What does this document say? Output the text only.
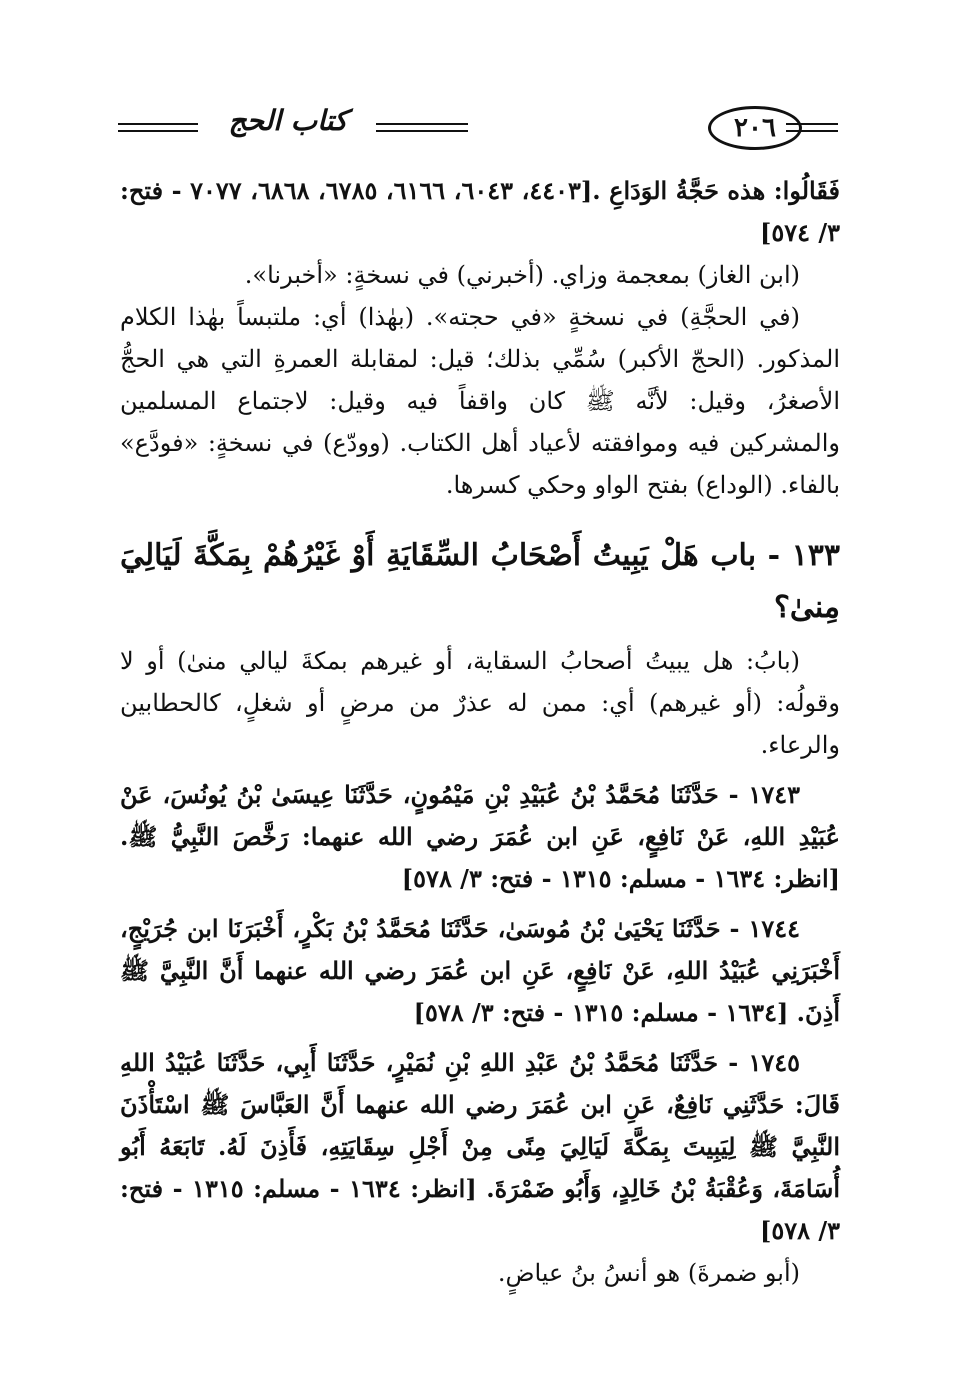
كتاب الحج	٢٠٦

فَقَالُوا: هذه حَجَّةُ الوَدَاعِ .[٤٤٠٣، ٦٠٤٣، ٦١٦٦، ٦٧٨٥، ٦٨٦٨، ٧٠٧٧ - فتح: ٣/ ٥٧٤]

(ابن الغاز) بمعجمة وزاي. (أخبرني) في نسخةٍ: «أخبرنا».

(في الحجَّةِ) في نسخةٍ «في حجته». (بهٰذا) أي: ملتبساً بهٰذا الكلام المذكور. (الحجّ الأكبر) سُمِّي بذلك؛ قيل: لمقابلة العمرةِ التي هي الحجُّ الأصغرُ، وقيل: لأنَّه ﷺ كان واقفاً فيه وقيل: لاجتماع المسلمين والمشركين فيه وموافقته لأعياد أهل الكتاب. (وودّع) في نسخةٍ: «فودَّع» بالفاء. (الوداع) بفتح الواو وحكي كسرها.

١٣٣ - باب هَلْ يَبِيتُ أَصْحَابُ السِّقَايَةِ أَوْ غَيْرُهُمْ بِمَكَّةَ لَيَالِيَ مِنىٰ؟

(بابُ: هل يبيتُ أصحابُ السقاية، أو غيرهم بمكةَ ليالي منىٰ) أو لا وقولُه: (أو غيرهم) أي: ممن له عذرٌ من مرضٍ أو شغلٍ، كالحطابين والرعاء.

١٧٤٣ - حَدَّثَنَا مُحَمَّدُ بْنُ عُبَيْدِ بْنِ مَيْمُونٍ، حَدَّثَنَا عِيسَىٰ بْنُ يُونُسَ، عَنْ عُبَيْدِ اللهِ، عَنْ نَافِعٍ، عَنِ ابن عُمَرَ رضي الله عنهما: رَخَّصَ النَّبِيُّ ﷺ. [انظر: ١٦٣٤ - مسلم: ١٣١٥ - فتح: ٣/ ٥٧٨]

١٧٤٤ - حَدَّثَنَا يَحْيَىٰ بْنُ مُوسَىٰ، حَدَّثَنَا مُحَمَّدُ بْنُ بَكْرٍ، أَخْبَرَنَا ابن جُرَيْجٍ، أَخْبَرَنِي عُبَيْدُ اللهِ، عَنْ نَافِعٍ، عَنِ ابن عُمَرَ رضي الله عنهما أَنَّ النَّبِيَّ ﷺ أَذِنَ. [١٦٣٤ - مسلم: ١٣١٥ - فتح: ٣/ ٥٧٨]

١٧٤٥ - حَدَّثَنَا مُحَمَّدُ بْنُ عَبْدِ اللهِ بْنِ نُمَيْرٍ، حَدَّثَنَا أَبِي، حَدَّثَنَا عُبَيْدُ اللهِ قَالَ: حَدَّثَنِي نَافِعٌ، عَنِ ابن عُمَرَ رضي الله عنهما أَنَّ العَبَّاسَ ﷺ اسْتَأْذَنَ النَّبِيَّ ﷺ لِيَبِيتَ بِمَكَّةَ لَيَالِيَ مِنًى مِنْ أَجْلِ سِقَايَتِهِ، فَأَذِنَ لَهُ. تَابَعَهُ أَبُو أُسَامَةَ، وَعُقْبَةُ بْنُ خَالِدٍ، وَأَبُو ضَمْرَةَ. [انظر: ١٦٣٤ - مسلم: ١٣١٥ - فتح: ٣/ ٥٧٨]

(أبو ضمرةَ) هو أنسُ بنُ عياضٍ.
